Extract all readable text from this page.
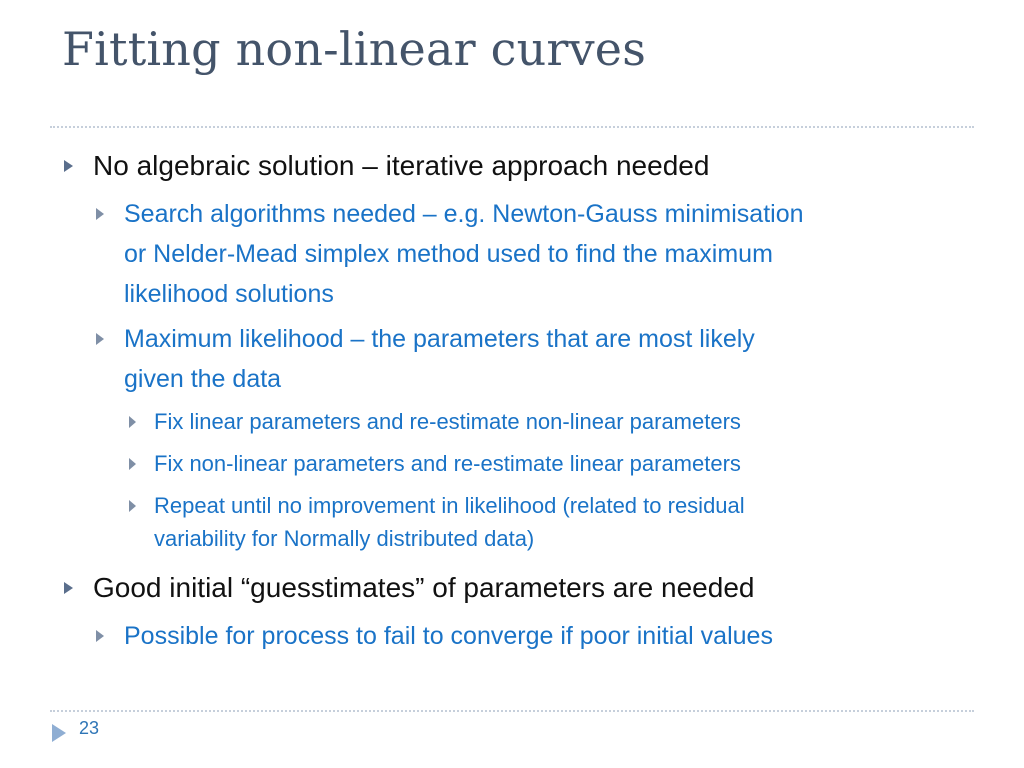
Fitting non-linear curves
No algebraic solution – iterative approach needed
Search algorithms needed – e.g. Newton-Gauss minimisation
or Nelder-Mead simplex method used to find the maximum
likelihood solutions
Maximum likelihood – the parameters that are most likely
given the data
Fix linear parameters and re-estimate non-linear parameters
Fix non-linear parameters and re-estimate linear parameters
Repeat until no improvement in likelihood (related to residual
variability for Normally distributed data)
Good initial “guesstimates” of parameters are needed
Possible for process to fail to converge if poor initial values
23
